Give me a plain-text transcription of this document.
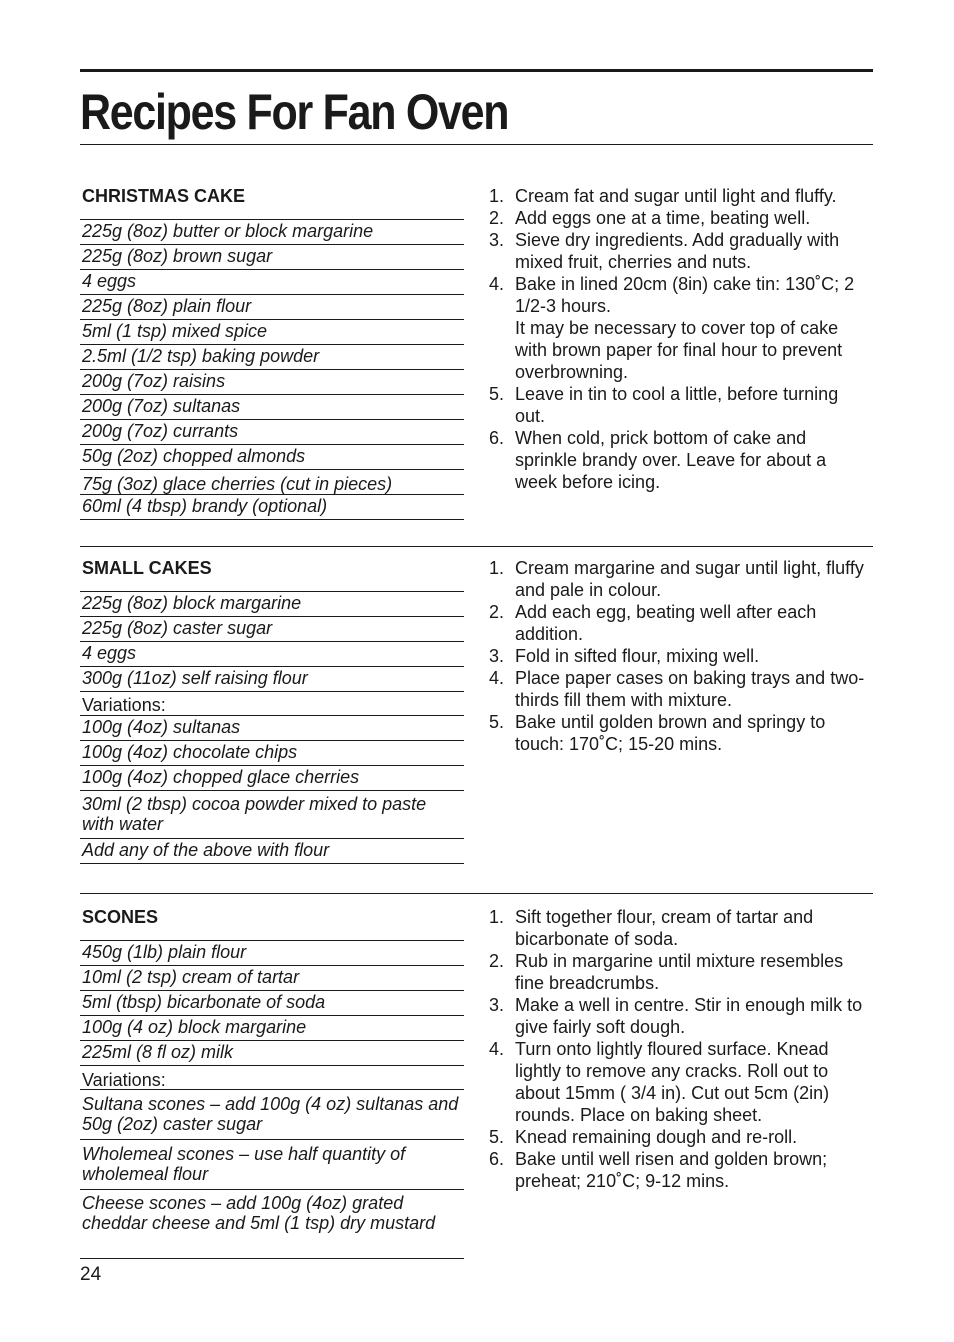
Recipes For Fan Oven
CHRISTMAS CAKE
225g (8oz) butter or block margarine
225g (8oz) brown sugar
4 eggs
225g (8oz) plain flour
5ml (1 tsp) mixed spice
2.5ml (1/2 tsp) baking powder
200g (7oz) raisins
200g (7oz) sultanas
200g (7oz) currants
50g (2oz) chopped almonds
75g (3oz) glace cherries (cut in pieces)
60ml (4 tbsp) brandy (optional)
1. Cream fat and sugar until light and fluffy.
2. Add eggs one at a time, beating well.
3. Sieve dry ingredients. Add gradually with mixed fruit, cherries and nuts.
4. Bake in lined 20cm (8in) cake tin: 130˚C; 2 1/2-3 hours.
It may be necessary to cover top of cake with brown paper for final hour to prevent overbrowning.
5. Leave in tin to cool a little, before turning out.
6. When cold, prick bottom of cake and sprinkle brandy over. Leave for about a week before icing.
SMALL CAKES
225g (8oz) block margarine
225g (8oz) caster sugar
4 eggs
300g (11oz) self raising flour
Variations:
100g (4oz) sultanas
100g (4oz) chocolate chips
100g (4oz) chopped glace cherries
30ml (2 tbsp) cocoa powder mixed to paste with water
Add any of the above with flour
1. Cream margarine and sugar until light, fluffy and pale in colour.
2. Add each egg, beating well after each addition.
3. Fold in sifted flour, mixing well.
4. Place paper cases on baking trays and two-thirds fill them with mixture.
5. Bake until golden brown and springy to touch: 170˚C; 15-20 mins.
SCONES
450g (1lb) plain flour
10ml (2 tsp) cream of tartar
5ml (tbsp) bicarbonate of soda
100g (4 oz) block margarine
225ml (8 fl oz) milk
Variations:
Sultana scones – add 100g (4 oz) sultanas and 50g (2oz) caster sugar
Wholemeal scones – use half quantity of wholemeal flour
Cheese scones – add 100g (4oz) grated cheddar cheese and 5ml (1 tsp) dry mustard
1. Sift together flour, cream of tartar and bicarbonate of soda.
2. Rub in margarine until mixture resembles fine breadcrumbs.
3. Make a well in centre. Stir in enough milk to give fairly soft dough.
4. Turn onto lightly floured surface. Knead lightly to remove any cracks. Roll out to about 15mm ( 3/4 in). Cut out 5cm (2in) rounds. Place on baking sheet.
5. Knead remaining dough and re-roll.
6. Bake until well risen and golden brown; preheat; 210˚C; 9-12 mins.
24
